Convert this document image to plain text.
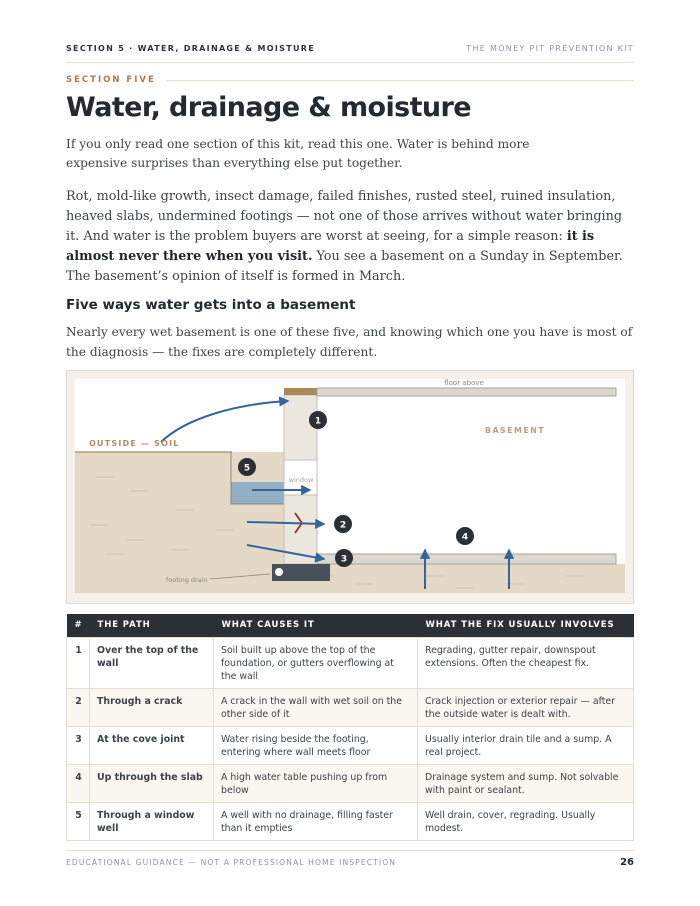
SECTION 5 · WATER, DRAINAGE & MOISTURE	THE MONEY PIT PREVENTION KIT
SECTION FIVE
Water, drainage & moisture

If you only read one section of this kit, read this one. Water is behind more expensive surprises than everything else put together.

Rot, mold-like growth, insect damage, failed finishes, rusted steel, ruined insulation, heaved slabs, undermined footings — not one of those arrives without water bringing it. And water is the problem buyers are worst at seeing, for a simple reason: it is almost never there when you visit. You see a basement on a Sunday in September. The basement’s opinion of itself is formed in March.

Five ways water gets into a basement

Nearly every wet basement is one of these five, and knowing which one you have is most of the diagnosis — the fixes are completely different.

1
2
3
4
5
OUTSIDE — SOIL
BASEMENT
floor above
window
footing drain
#	THE PATH	WHAT CAUSES IT	WHAT THE FIX USUALLY INVOLVES
1	Over the top of the wall	Soil built up above the top of the foundation, or gutters overflowing at the wall	Regrading, gutter repair, downspout extensions. Often the cheapest fix.
2	Through a crack	A crack in the wall with wet soil on the other side of it	Crack injection or exterior repair — after the outside water is dealt with.
3	At the cove joint	Water rising beside the footing, entering where wall meets floor	Usually interior drain tile and a sump. A real project.
4	Up through the slab	A high water table pushing up from below	Drainage system and sump. Not solvable with paint or sealant.
5	Through a window well	A well with no drainage, filling faster than it empties	Well drain, cover, regrading. Usually modest.
EDUCATIONAL GUIDANCE — NOT A PROFESSIONAL HOME INSPECTION	26
